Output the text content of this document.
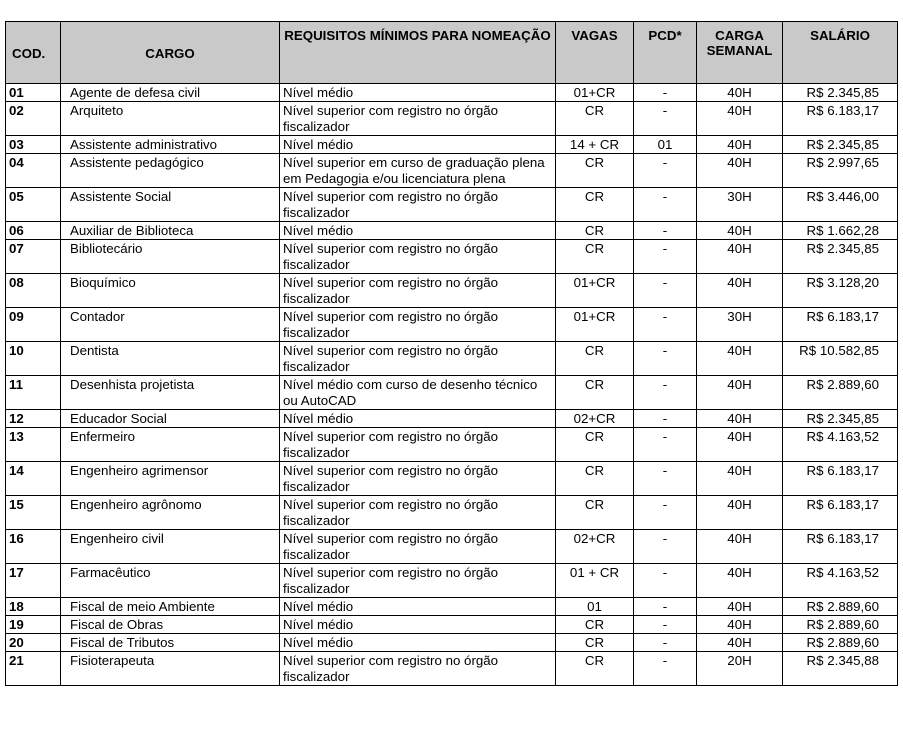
COD.	CARGO	REQUISITOS MÍNIMOS PARA NOMEAÇÃO	VAGAS	PCD*	CARGA SEMANAL	SALÁRIO
01	Agente de defesa civil	Nível médio	01+CR	-	40H	R$ 2.345,85
02	Arquiteto	Nível superior com registro no órgão fiscalizador	CR	-	40H	R$ 6.183,17
03	Assistente administrativo	Nível médio	14 + CR	01	40H	R$ 2.345,85
04	Assistente pedagógico	Nível superior em curso de graduação plena em Pedagogia e/ou licenciatura plena	CR	-	40H	R$ 2.997,65
05	Assistente Social	Nível superior com registro no órgão fiscalizador	CR	-	30H	R$ 3.446,00
06	Auxiliar de Biblioteca	Nível médio	CR	-	40H	R$ 1.662,28
07	Bibliotecário	Nível superior com registro no órgão fiscalizador	CR	-	40H	R$ 2.345,85
08	Bioquímico	Nível superior com registro no órgão fiscalizador	01+CR	-	40H	R$ 3.128,20
09	Contador	Nível superior com registro no órgão fiscalizador	01+CR	-	30H	R$ 6.183,17
10	Dentista	Nível superior com registro no órgão fiscalizador	CR	-	40H	R$ 10.582,85
11	Desenhista projetista	Nível médio com curso de desenho técnico ou AutoCAD	CR	-	40H	R$ 2.889,60
12	Educador Social	Nível médio	02+CR	-	40H	R$ 2.345,85
13	Enfermeiro	Nível superior com registro no órgão fiscalizador	CR	-	40H	R$ 4.163,52
14	Engenheiro agrimensor	Nível superior com registro no órgão fiscalizador	CR	-	40H	R$ 6.183,17
15	Engenheiro agrônomo	Nível superior com registro no órgão fiscalizador	CR	-	40H	R$ 6.183,17
16	Engenheiro civil	Nível superior com registro no órgão fiscalizador	02+CR	-	40H	R$ 6.183,17
17	Farmacêutico	Nível superior com registro no órgão fiscalizador	01 + CR	-	40H	R$ 4.163,52
18	Fiscal de meio Ambiente	Nível médio	01	-	40H	R$ 2.889,60
19	Fiscal de Obras	Nível médio	CR	-	40H	R$ 2.889,60
20	Fiscal de Tributos	Nível médio	CR	-	40H	R$ 2.889,60
21	Fisioterapeuta	Nível superior com registro no órgão fiscalizador	CR	-	20H	R$ 2.345,88
